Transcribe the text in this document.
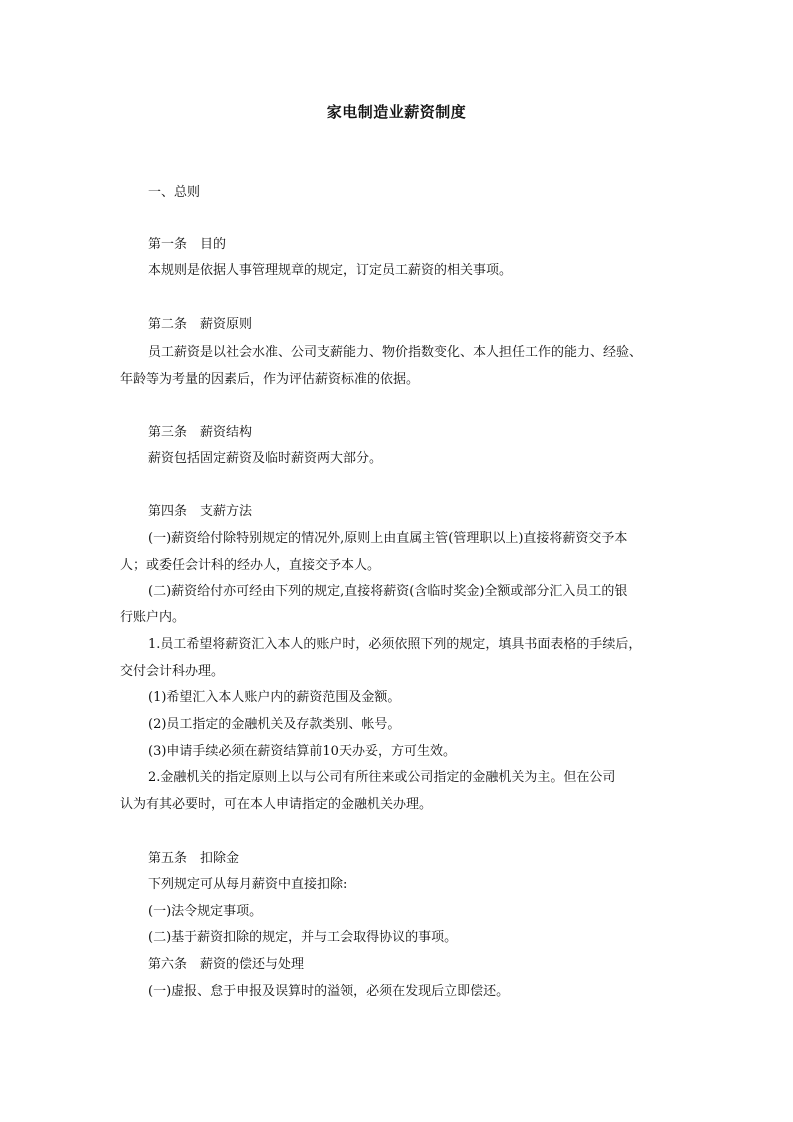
家电制造业薪资制度
一、总则
第一条　目的
本规则是依据人事管理规章的规定，订定员工薪资的相关事项。
第二条　薪资原则
员工薪资是以社会水准、公司支薪能力、物价指数变化、本人担任工作的能力、经验、
年龄等为考量的因素后，作为评估薪资标准的依据。
第三条　薪资结构
薪资包括固定薪资及临时薪资两大部分。
第四条　支薪方法
(一)薪资给付除特别规定的情况外,原则上由直属主管(管理职以上)直接将薪资交予本
人；或委任会计科的经办人，直接交予本人。
(二)薪资给付亦可经由下列的规定,直接将薪资(含临时奖金)全额或部分汇入员工的银
行账户内。
1.员工希望将薪资汇入本人的账户时，必须依照下列的规定，填具书面表格的手续后，
交付会计科办理。
(1)希望汇入本人账户内的薪资范围及金额。
(2)员工指定的金融机关及存款类别、帐号。
(3)申请手续必须在薪资结算前10天办妥，方可生效。
2.金融机关的指定原则上以与公司有所往来或公司指定的金融机关为主。但在公司
认为有其必要时，可在本人申请指定的金融机关办理。
第五条　扣除金
下列规定可从每月薪资中直接扣除:
(一)法令规定事项。
(二)基于薪资扣除的规定，并与工会取得协议的事项。
第六条　薪资的偿还与处理
(一)虚报、怠于申报及误算时的溢领，必须在发现后立即偿还。
